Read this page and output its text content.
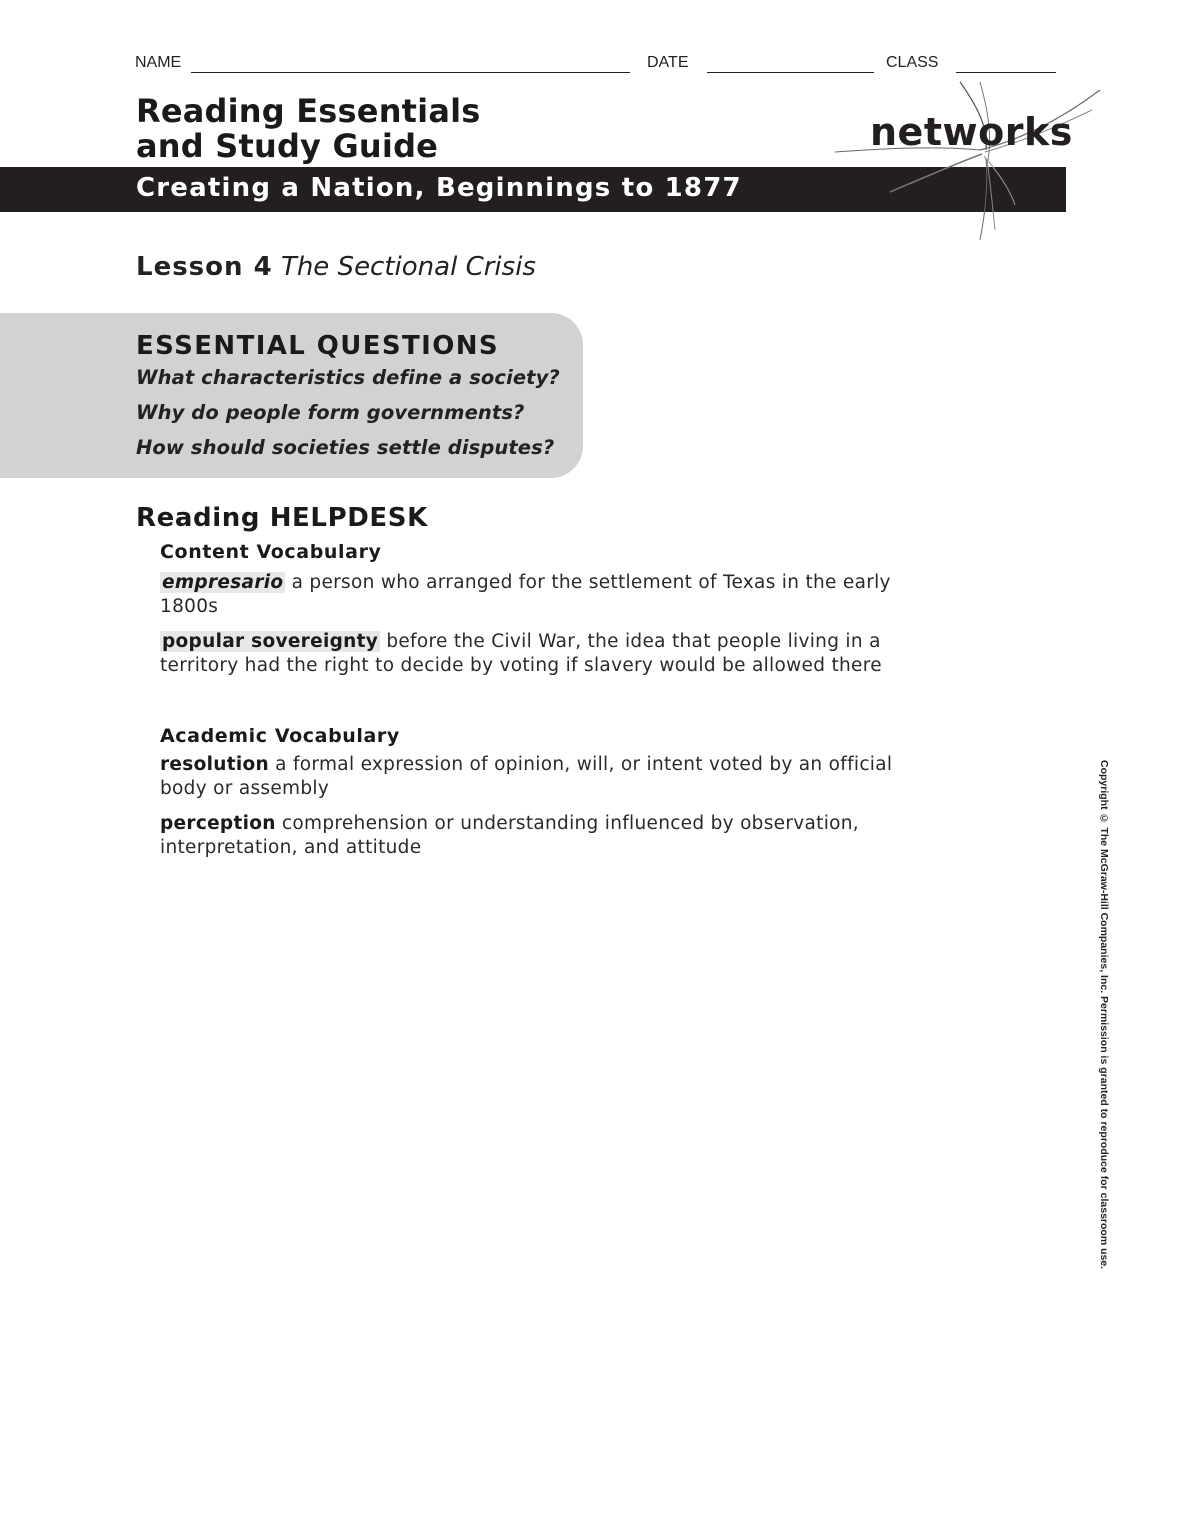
NAME	DATE	CLASS
Reading Essentials
and Study Guide
Creating a Nation, Beginnings to 1877
networks
Lesson 4 The Sectional Crisis
ESSENTIAL QUESTIONS
What characteristics define a society?
Why do people form governments?
How should societies settle disputes?
Reading HELPDESK
Content Vocabulary
empresario a person who arranged for the settlement of Texas in the early 1800s
popular sovereignty before the Civil War, the idea that people living in a territory had the right to decide by voting if slavery would be allowed there
Academic Vocabulary
resolution a formal expression of opinion, will, or intent voted by an official body or assembly
perception comprehension or understanding influenced by observation, interpretation, and attitude	Copyright © The McGraw-Hill Companies, Inc. Permission is granted to reproduce for classroom use.
